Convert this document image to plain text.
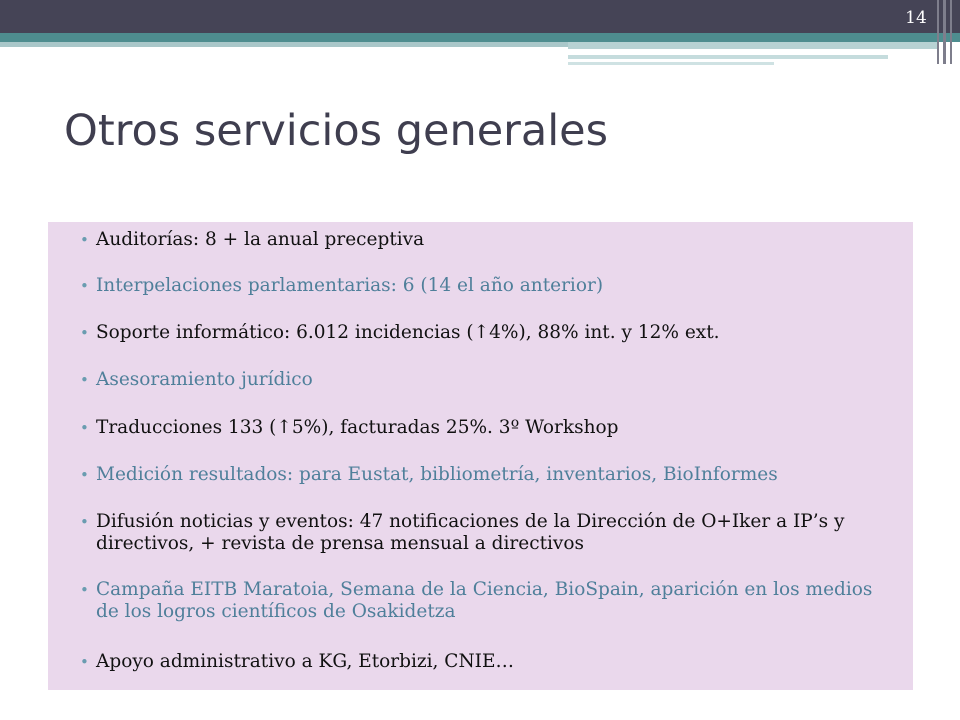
14
Otros servicios generales
• Auditorías: 8 + la anual preceptiva
• Interpelaciones parlamentarias: 6 (14 el año anterior)
• Soporte informático: 6.012 incidencias (↑4%), 88% int. y 12% ext.
• Asesoramiento jurídico
• Traducciones 133 (↑5%), facturadas 25%. 3º Workshop
• Medición resultados: para Eustat, bibliometría, inventarios, BioInformes
• Difusión noticias y eventos: 47 notificaciones de la Dirección de O+Iker a IP’s y directivos, + revista de prensa mensual a directivos
• Campaña EITB Maratoia, Semana de la Ciencia, BioSpain, aparición en los medios de los logros científicos de Osakidetza
• Apoyo administrativo a KG, Etorbizi, CNIE…
